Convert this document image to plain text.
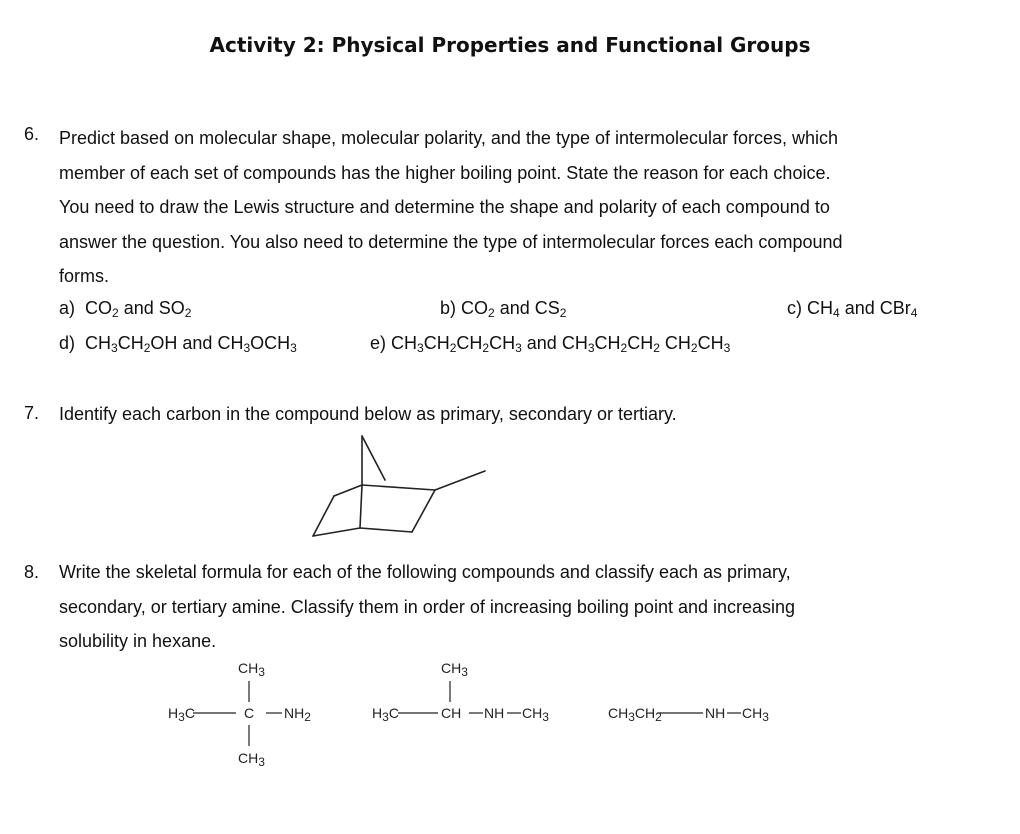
Activity 2: Physical Properties and Functional Groups
6. Predict based on molecular shape, molecular polarity, and the type of intermolecular forces, which
member of each set of compounds has the higher boiling point. State the reason for each choice.
You need to draw the Lewis structure and determine the shape and polarity of each compound to
answer the question. You also need to determine the type of intermolecular forces each compound
forms.
a) $CO_2$ and $SO_2$	b) $CO_2$ and $CS_2$	c) $CH_4$ and CBr$_4$
d) $CH_3CH_2OH$ and $CH_3OCH_3$	e) $CH_3CH_2CH_2CH_3$ and $CH_3CH_2CH_2$ $CH_2CH_3$
7. Identify each carbon in the compound below as primary, secondary or tertiary.
8. Write the skeletal formula for each of the following compounds and classify each as primary,
secondary, or tertiary amine. Classify them in order of increasing boiling point and increasing
solubility in hexane.
$CH_3$
$H_3C$	C $NH_2$
$CH_3$
$CH_3$
$H_3C$	CH NH $CH_3$	$CH_3CH_2$	NH $CH_3$
